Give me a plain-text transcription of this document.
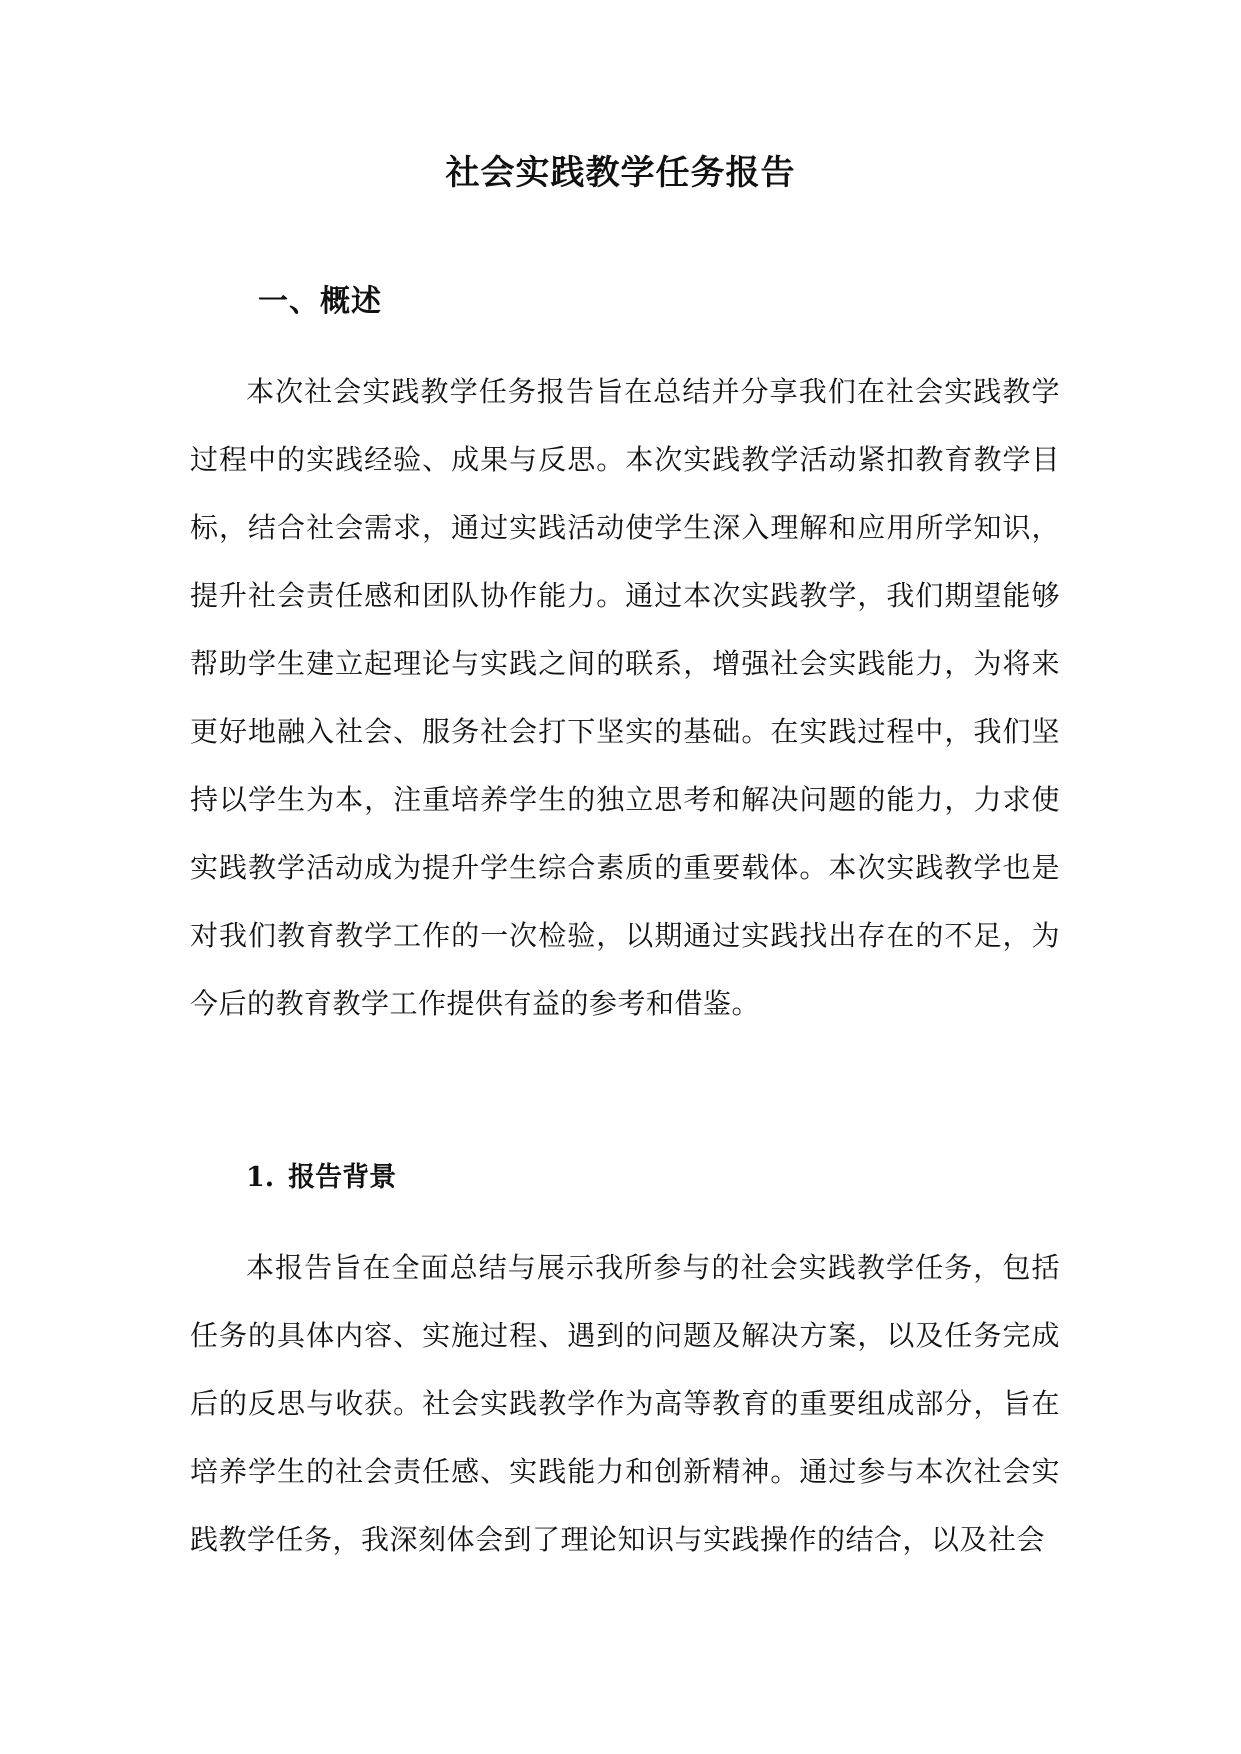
社会实践教学任务报告
一、概述

本次社会实践教学任务报告旨在总结并分享我们在社会实践教学过程中的实践经验、成果与反思。本次实践教学活动紧扣教育教学目标，结合社会需求，通过实践活动使学生深入理解和应用所学知识，提升社会责任感和团队协作能力。通过本次实践教学，我们期望能够帮助学生建立起理论与实践之间的联系，增强社会实践能力，为将来更好地融入社会、服务社会打下坚实的基础。在实践过程中，我们坚持以学生为本，注重培养学生的独立思考和解决问题的能力，力求使实践教学活动成为提升学生综合素质的重要载体。本次实践教学也是对我们教育教学工作的一次检验，以期通过实践找出存在的不足，为今后的教育教学工作提供有益的参考和借鉴。

1. 报告背景

本报告旨在全面总结与展示我所参与的社会实践教学任务，包括任务的具体内容、实施过程、遇到的问题及解决方案，以及任务完成后的反思与收获。社会实践教学作为高等教育的重要组成部分，旨在培养学生的社会责任感、实践能力和创新精神。通过参与本次社会实践教学任务，我深刻体会到了理论知识与实践操作的结合，以及社会
